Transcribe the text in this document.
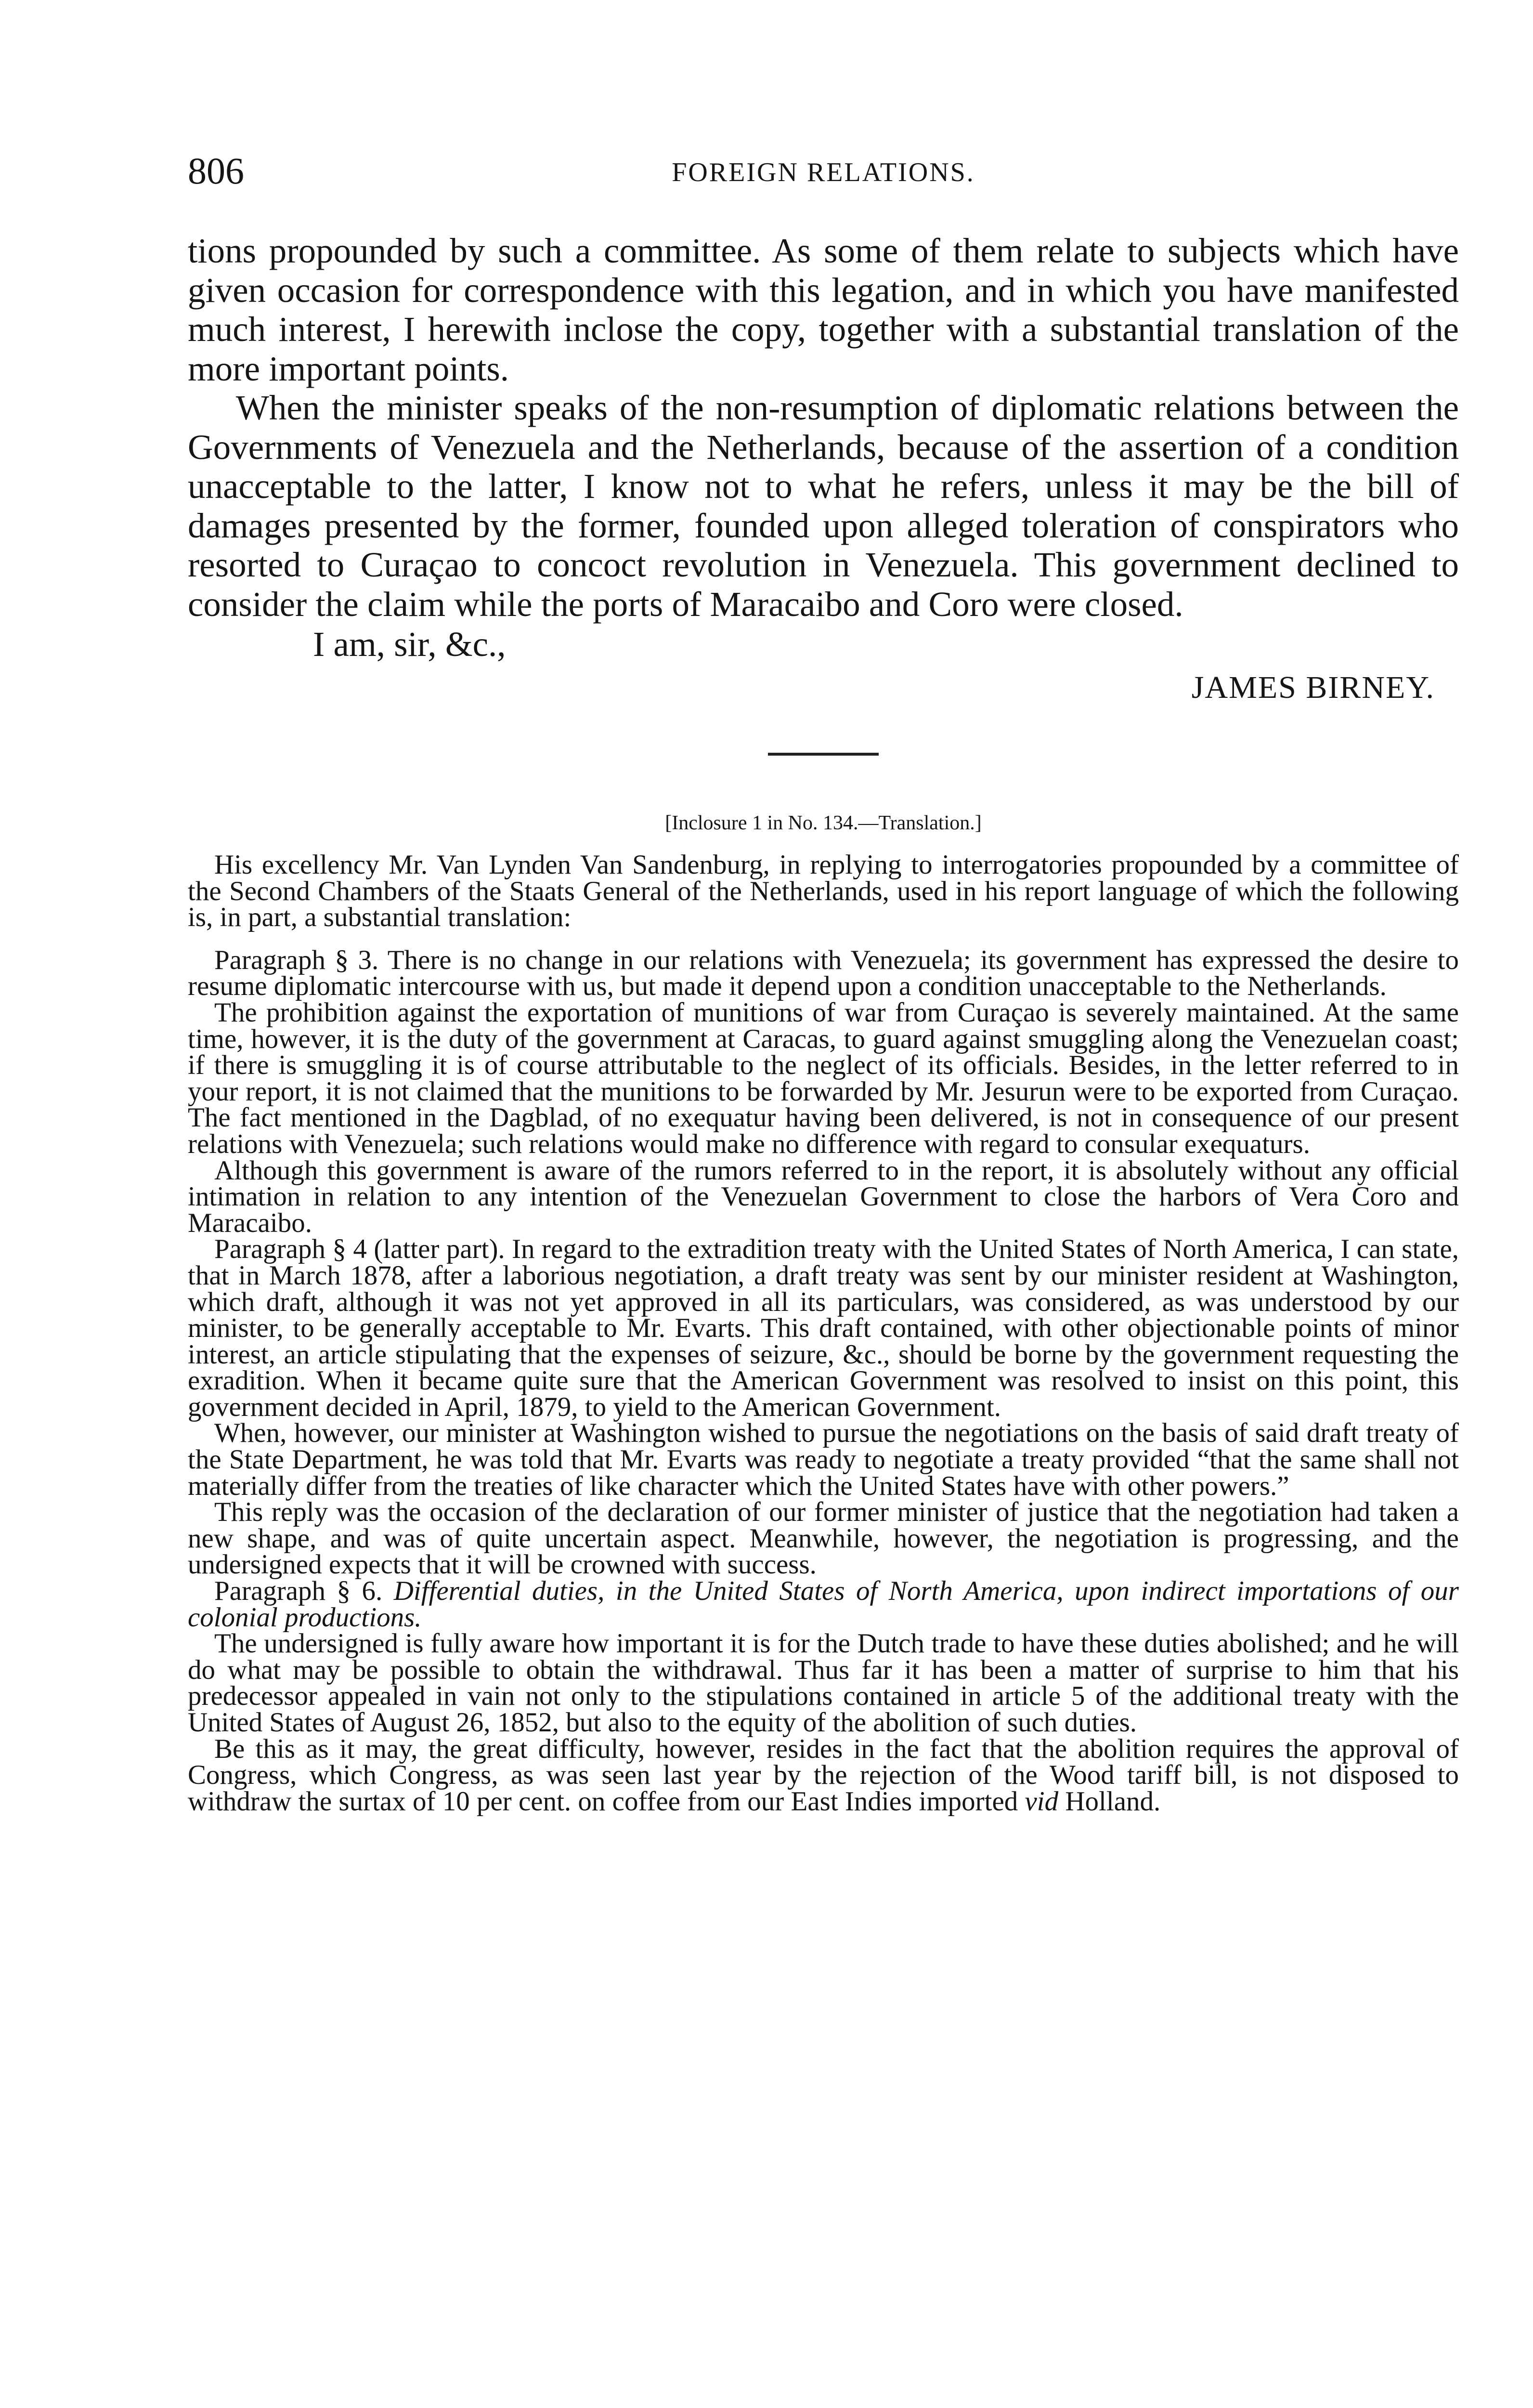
806	FOREIGN RELATIONS.

tions propounded by such a committee. As some of them relate to subjects which have given occasion for correspondence with this legation, and in which you have manifested much interest, I herewith inclose the copy, together with a substantial translation of the more important points.

When the minister speaks of the non-resumption of diplomatic relations between the Governments of Venezuela and the Netherlands, because of the assertion of a condition unacceptable to the latter, I know not to what he refers, unless it may be the bill of damages presented by the former, founded upon alleged toleration of conspirators who resorted to Curaçao to concoct revolution in Venezuela. This government declined to consider the claim while the ports of Maracaibo and Coro were closed.

I am, sir, &c.,
JAMES BIRNEY.
[Inclosure 1 in No. 134.—Translation.]

His excellency Mr. Van Lynden Van Sandenburg, in replying to interrogatories propounded by a committee of the Second Chambers of the Staats General of the Netherlands, used in his report language of which the following is, in part, a substantial translation:

Paragraph § 3. There is no change in our relations with Venezuela; its government has expressed the desire to resume diplomatic intercourse with us, but made it depend upon a condition unacceptable to the Netherlands.

The prohibition against the exportation of munitions of war from Curaçao is severely maintained. At the same time, however, it is the duty of the government at Caracas, to guard against smuggling along the Venezuelan coast; if there is smuggling it is of course attributable to the neglect of its officials. Besides, in the letter referred to in your report, it is not claimed that the munitions to be forwarded by Mr. Jesurun were to be exported from Curaçao. The fact mentioned in the Dagblad, of no exequatur having been delivered, is not in consequence of our present relations with Venezuela; such relations would make no difference with regard to consular exequaturs.

Although this government is aware of the rumors referred to in the report, it is absolutely without any official intimation in relation to any intention of the Venezuelan Government to close the harbors of Vera Coro and Maracaibo.

Paragraph § 4 (latter part). In regard to the extradition treaty with the United States of North America, I can state, that in March 1878, after a laborious negotiation, a draft treaty was sent by our minister resident at Washington, which draft, although it was not yet approved in all its particulars, was considered, as was understood by our minister, to be generally acceptable to Mr. Evarts. This draft contained, with other objectionable points of minor interest, an article stipulating that the expenses of seizure, &c., should be borne by the government requesting the exradition. When it became quite sure that the American Government was resolved to insist on this point, this government decided in April, 1879, to yield to the American Government.

When, however, our minister at Washington wished to pursue the negotiations on the basis of said draft treaty of the State Department, he was told that Mr. Evarts was ready to negotiate a treaty provided “that the same shall not materially differ from the treaties of like character which the United States have with other powers.”

This reply was the occasion of the declaration of our former minister of justice that the negotiation had taken a new shape, and was of quite uncertain aspect. Meanwhile, however, the negotiation is progressing, and the undersigned expects that it will be crowned with success.

Paragraph § 6. Differential duties, in the United States of North America, upon indirect importations of our colonial productions.

The undersigned is fully aware how important it is for the Dutch trade to have these duties abolished; and he will do what may be possible to obtain the withdrawal. Thus far it has been a matter of surprise to him that his predecessor appealed in vain not only to the stipulations contained in article 5 of the additional treaty with the United States of August 26, 1852, but also to the equity of the abolition of such duties.

Be this as it may, the great difficulty, however, resides in the fact that the abolition requires the approval of Congress, which Congress, as was seen last year by the rejection of the Wood tariff bill, is not disposed to withdraw the surtax of 10 per cent. on coffee from our East Indies imported vid Holland.
